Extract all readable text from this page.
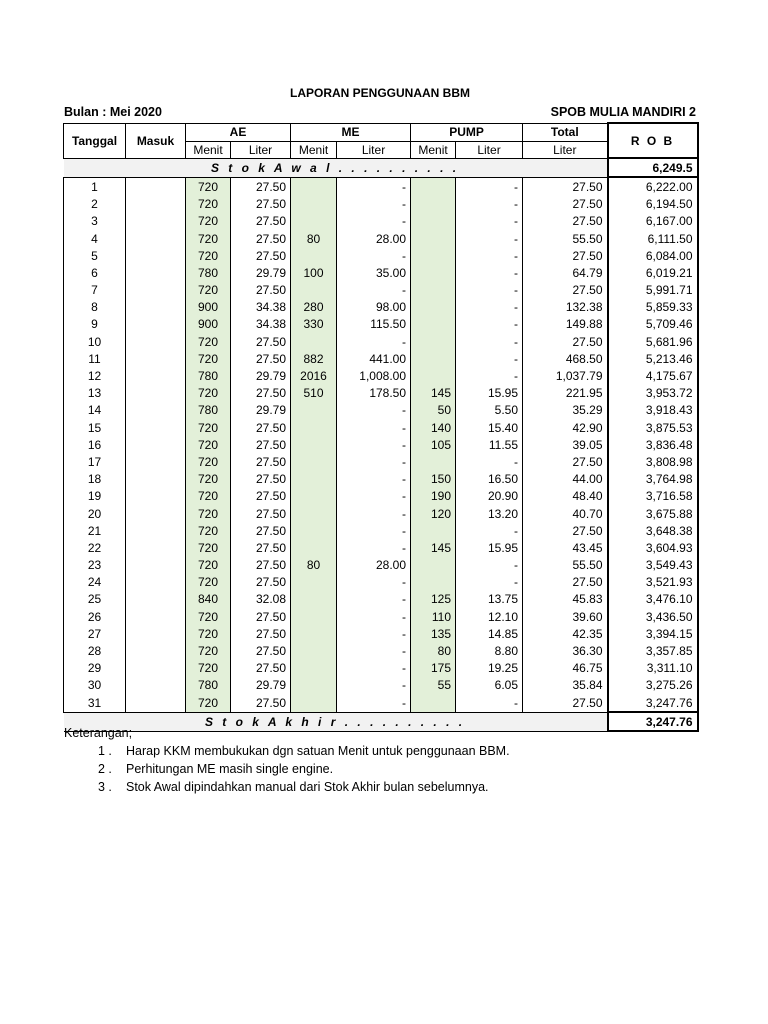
LAPORAN PENGGUNAAN BBM
Bulan : Mei 2020	SPOB MULIA MANDIRI 2
Tanggal	Masuk	AE		ME		PUMP		Total	R O B
		Menit	Liter	Menit	Liter	Menit	Liter	Liter	
S t o k A w a l . . . . . . . . . .									6,249.5
1		720	27.50		-		-	27.50	6,222.00
2		720	27.50		-		-	27.50	6,194.50
3		720	27.50		-		-	27.50	6,167.00
4		720	27.50	80	28.00		-	55.50	6,111.50
5		720	27.50		-		-	27.50	6,084.00
6		780	29.79	100	35.00		-	64.79	6,019.21
7		720	27.50		-		-	27.50	5,991.71
8		900	34.38	280	98.00		-	132.38	5,859.33
9		900	34.38	330	115.50		-	149.88	5,709.46
10		720	27.50		-		-	27.50	5,681.96
11		720	27.50	882	441.00		-	468.50	5,213.46
12		780	29.79	2016	1,008.00		-	1,037.79	4,175.67
13		720	27.50	510	178.50	145	15.95	221.95	3,953.72
14		780	29.79		-	50	5.50	35.29	3,918.43
15		720	27.50		-	140	15.40	42.90	3,875.53
16		720	27.50		-	105	11.55	39.05	3,836.48
17		720	27.50		-		-	27.50	3,808.98
18		720	27.50		-	150	16.50	44.00	3,764.98
19		720	27.50		-	190	20.90	48.40	3,716.58
20		720	27.50		-	120	13.20	40.70	3,675.88
21		720	27.50		-		-	27.50	3,648.38
22		720	27.50		-	145	15.95	43.45	3,604.93
23		720	27.50	80	28.00		-	55.50	3,549.43
24		720	27.50		-		-	27.50	3,521.93
25		840	32.08		-	125	13.75	45.83	3,476.10
26		720	27.50		-	110	12.10	39.60	3,436.50
27		720	27.50		-	135	14.85	42.35	3,394.15
28		720	27.50		-	80	8.80	36.30	3,357.85
29		720	27.50		-	175	19.25	46.75	3,311.10
30		780	29.79		-	55	6.05	35.84	3,275.26
31		720	27.50		-		-	27.50	3,247.76
S t o k A k h i r . . . . . . . . . .									3,247.76
Keterangan;
1 . Harap KKM membukukan dgn satuan Menit untuk penggunaan BBM.
2 . Perhitungan ME masih single engine.
3 . Stok Awal dipindahkan manual dari Stok Akhir bulan sebelumnya.
